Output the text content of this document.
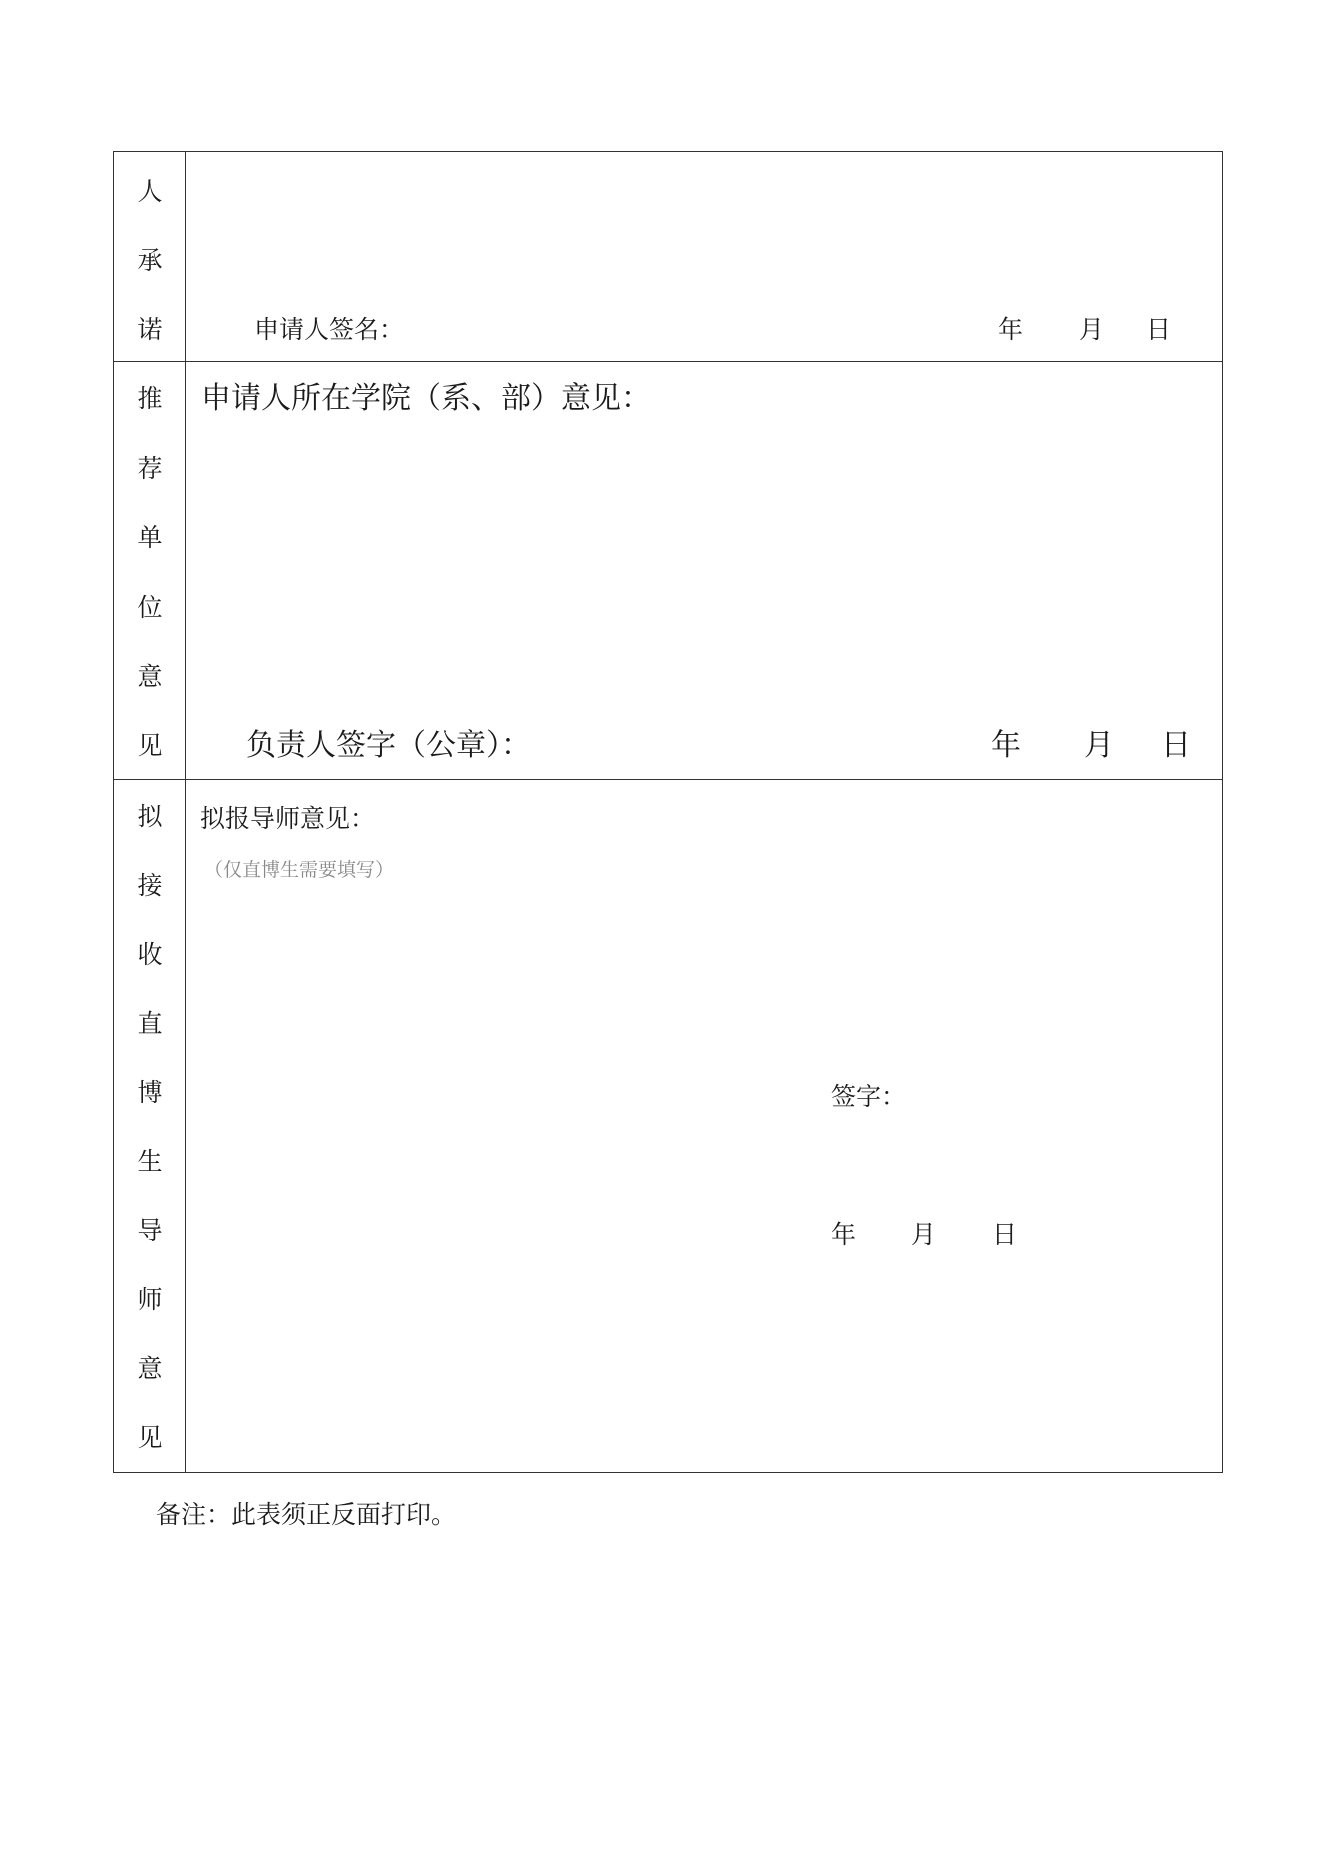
人
承
诺	申请人签名：	年 月 日
推
荐
单
位
意
见
申请人所在学院（系、部）意见：
负责人签字（公章）：	年 月 日
拟
接
收
直
博
生
导
师
意
见
拟报导师意见：
（仅直博生需要填写）
签字：
年 月 日
备注：此表须正反面打印。
